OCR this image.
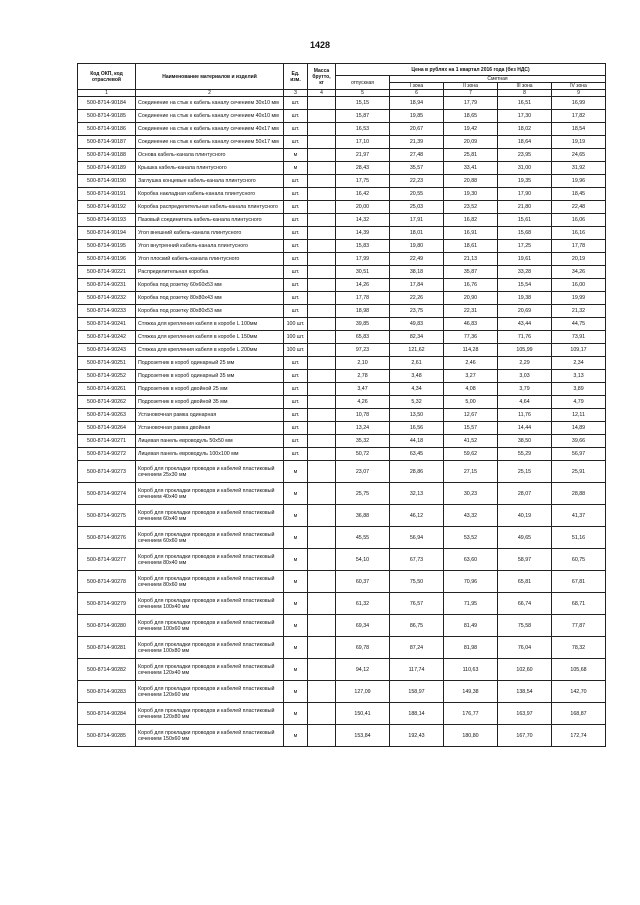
1428
Код ОКП, код отраслевой	Наименование материалов и изделий	Ед. изм.	Масса брутто, кг	Цена в рублях на 1 квартал 2016 года (без НДС)				
				отпускная	Сметная			
					I зона	II зона	III зона	IV зона
1	2	3	4	5	6	7	8	9
500-8714-90184	Соединение на стык к кабель каналу сечением 30х10 мм	шт.		15,15	18,94	17,79	16,51	16,99
500-8714-90185	Соединение на стык к кабель каналу сечением 40х10 мм	шт.		15,87	19,85	18,65	17,30	17,82
500-8714-90186	Соединение на стык к кабель каналу сечением 40х17 мм	шт.		16,53	20,67	19,42	18,02	18,54
500-8714-90187	Соединение на стык к кабель каналу сечением 50х17 мм	шт.		17,10	21,39	20,09	18,64	19,19
500-8714-90188	Основа кабель-канала плинтусного	м		21,97	27,48	25,81	23,95	24,65
500-8714-90189	Крышка кабель-канала плинтусного	м		28,43	35,57	33,41	31,00	31,92
500-8714-90190	Заглушка концевые кабель-канала плинтусного	шт.		17,75	22,23	20,88	19,35	19,96
500-8714-90191	Коробка накладная кабель-канала плинтусного	шт.		16,42	20,55	19,30	17,90	18,45
500-8714-90192	Коробка распределительная кабель-канала плинтусного	шт.		20,00	25,03	23,52	21,80	22,48
500-8714-90193	Пазовый соединитель кабель-канала плинтусного	шт.		14,32	17,91	16,82	15,61	16,06
500-8714-90194	Угол внешний кабель-канала плинтусного	шт.		14,39	18,01	16,91	15,68	16,16
500-8714-90195	Угол внутренний кабель-канала плинтусного	шт.		15,83	19,80	18,61	17,25	17,78
500-8714-90196	Угол плоский кабель-канала плинтусного	шт.		17,99	22,49	21,13	19,61	20,19
500-8714-90221	Распределительная коробка	шт.		30,51	38,18	35,87	33,28	34,26
500-8714-90231	Коробка под розетку 60х60х53 мм	шт.		14,26	17,84	16,76	15,54	16,00
500-8714-90232	Коробка под розетку 80х80х43 мм	шт.		17,78	22,26	20,90	19,38	19,99
500-8714-90233	Коробка под розетку 80х80х53 мм	шт.		18,98	23,75	22,31	20,69	21,32
500-8714-90241	Стяжка для крепления кабеля в коробе L 100мм	100 шт.		39,85	49,83	46,83	43,44	44,75
500-8714-90242	Стяжка для крепления кабеля в коробе L 150мм	100 шт.		65,83	82,34	77,36	71,76	73,91
500-8714-90243	Стяжка для крепления кабеля в коробе L 200мм	100 шт.		97,23	121,62	114,28	105,99	109,17
500-8714-90251	Подрозетник в короб одинарный 25 мм	шт.		2,10	2,61	2,46	2,29	2,34
500-8714-90252	Подрозетник в короб одинарный 35 мм	шт.		2,78	3,48	3,27	3,03	3,13
500-8714-90261	Подрозетник в короб двойной 25 мм	шт.		3,47	4,34	4,08	3,79	3,89
500-8714-90262	Подрозетник в короб двойной 35 мм	шт.		4,26	5,32	5,00	4,64	4,79
500-8714-90263	Установочная рамка одинарная	шт.		10,78	13,50	12,67	11,76	12,11
500-8714-90264	Установочная рамка двойная	шт.		13,24	16,56	15,57	14,44	14,89
500-8714-90271	Лицевая панель евроводуль 50х50 мм	шт.		35,32	44,18	41,52	38,50	39,66
500-8714-90272	Лицевая панель евроводуль 100х100 мм	шт.		50,72	63,45	59,62	55,29	56,97
500-8714-90273	Короб для прокладки проводов и кабелей пластиковый сечением 25х30 мм	м		23,07	28,86	27,15	25,15	25,91
500-8714-90274	Короб для прокладки проводов и кабелей пластиковый сечением 40х40 мм	м		25,75	32,13	30,23	28,07	28,88
500-8714-90275	Короб для прокладки проводов и кабелей пластиковый сечением 60х40 мм	м		36,88	46,12	43,32	40,19	41,37
500-8714-90276	Короб для прокладки проводов и кабелей пластиковый сечением 60х60 мм	м		45,55	56,94	53,52	49,65	51,16
500-8714-90277	Короб для прокладки проводов и кабелей пластиковый сечением 80х40 мм	м		54,10	67,73	63,60	58,97	60,75
500-8714-90278	Короб для прокладки проводов и кабелей пластиковый сечением 80х60 мм	м		60,37	75,50	70,96	65,81	67,81
500-8714-90279	Короб для прокладки проводов и кабелей пластиковый сечением 100х40 мм	м		61,32	76,57	71,95	66,74	68,71
500-8714-90280	Короб для прокладки проводов и кабелей пластиковый сечением 100х60 мм	м		69,34	86,75	81,49	75,58	77,87
500-8714-90281	Короб для прокладки проводов и кабелей пластиковый сечением 100х80 мм	м		69,78	87,24	81,98	76,04	78,32
500-8714-90282	Короб для прокладки проводов и кабелей пластиковый сечением 120х40 мм	м		94,12	117,74	110,63	102,60	105,68
500-8714-90283	Короб для прокладки проводов и кабелей пластиковый сечением 120х60 мм	м		127,09	158,97	149,38	138,54	142,70
500-8714-90284	Короб для прокладки проводов и кабелей пластиковый сечением 120х80 мм	м		150,41	188,14	176,77	163,97	168,87
500-8714-90285	Короб для прокладки проводов и кабелей пластиковый сечением 150х60 мм	м		153,84	192,43	180,80	167,70	172,74
